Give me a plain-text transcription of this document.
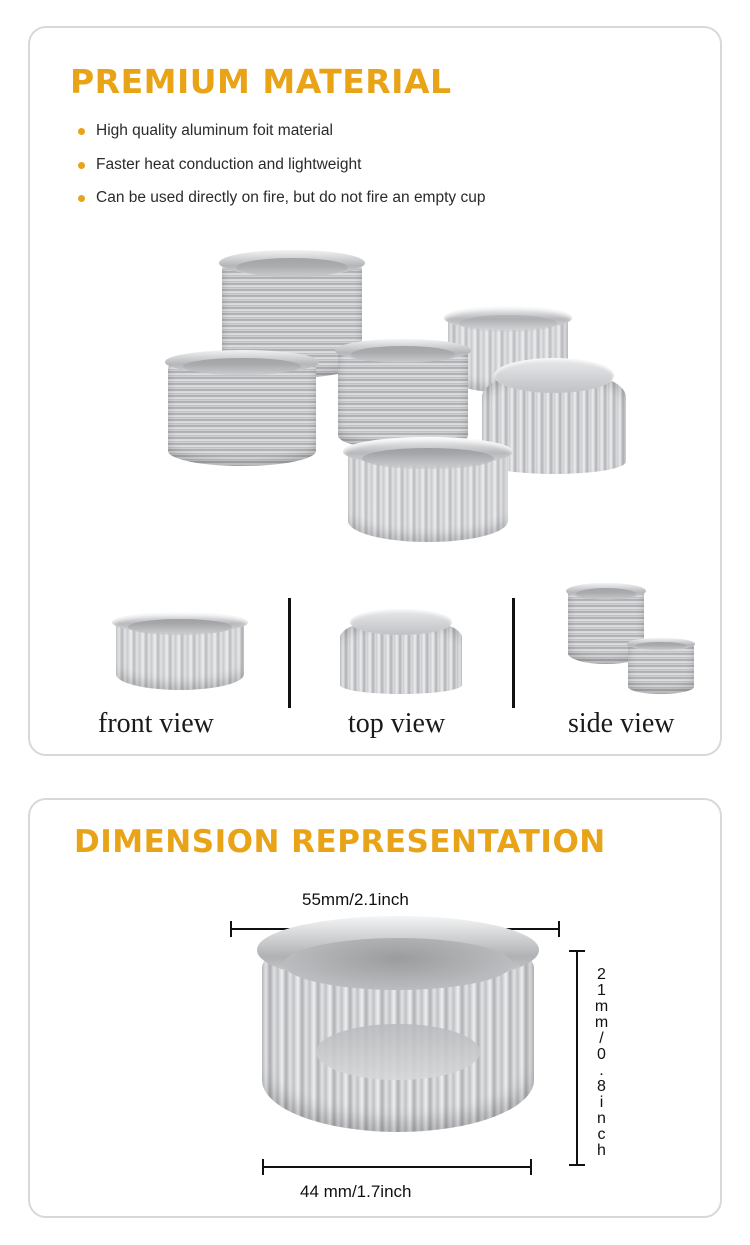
PREMIUM MATERIAL
High quality aluminum foit material
Faster heat conduction and lightweight
Can be used directly on fire, but do not fire an empty cup
front view	top view	side view
DIMENSION REPRESENTATION
55mm/2.1inch
21mm/0.8inch
44 mm/1.7inch
